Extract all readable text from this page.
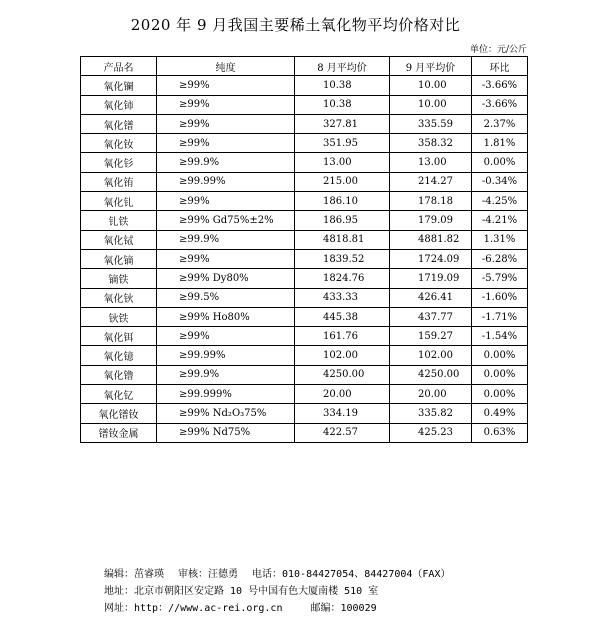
2020 年 9 月我国主要稀土氧化物平均价格对比
单位：元/公斤
产品名	纯度	8 月平均价	9 月平均价	环比
氧化镧	≥99%	10.38	10.00	-3.66%
氧化铈	≥99%	10.38	10.00	-3.66%
氧化镨	≥99%	327.81	335.59	2.37%
氧化钕	≥99%	351.95	358.32	1.81%
氧化钐	≥99.9%	13.00	13.00	0.00%
氧化铕	≥99.99%	215.00	214.27	-0.34%
氧化钆	≥99%	186.10	178.18	-4.25%
钆铁	≥99% Gd75%±2%	186.95	179.09	-4.21%
氧化铽	≥99.9%	4818.81	4881.82	1.31%
氧化镝	≥99%	1839.52	1724.09	-6.28%
镝铁	≥99% Dy80%	1824.76	1719.09	-5.79%
氧化钬	≥99.5%	433.33	426.41	-1.60%
钬铁	≥99% Ho80%	445.38	437.77	-1.71%
氧化铒	≥99%	161.76	159.27	-1.54%
氧化镱	≥99.99%	102.00	102.00	0.00%
氧化镥	≥99.9%	4250.00	4250.00	0.00%
氧化钇	≥99.999%	20.00	20.00	0.00%
氧化镨钕	≥99% Nd₂O₃75%	334.19	335.82	0.49%
镨钕金属	≥99% Nd75%	422.57	425.23	0.63%
编辑：茁睿瑛 审核：汪德勇 电话：010-84427054、84427004（FAX）
地址：北京市朝阳区安定路 10 号中国有色大厦南楼 510 室
网址：http：//www.ac-rei.org.cn	邮编：100029
